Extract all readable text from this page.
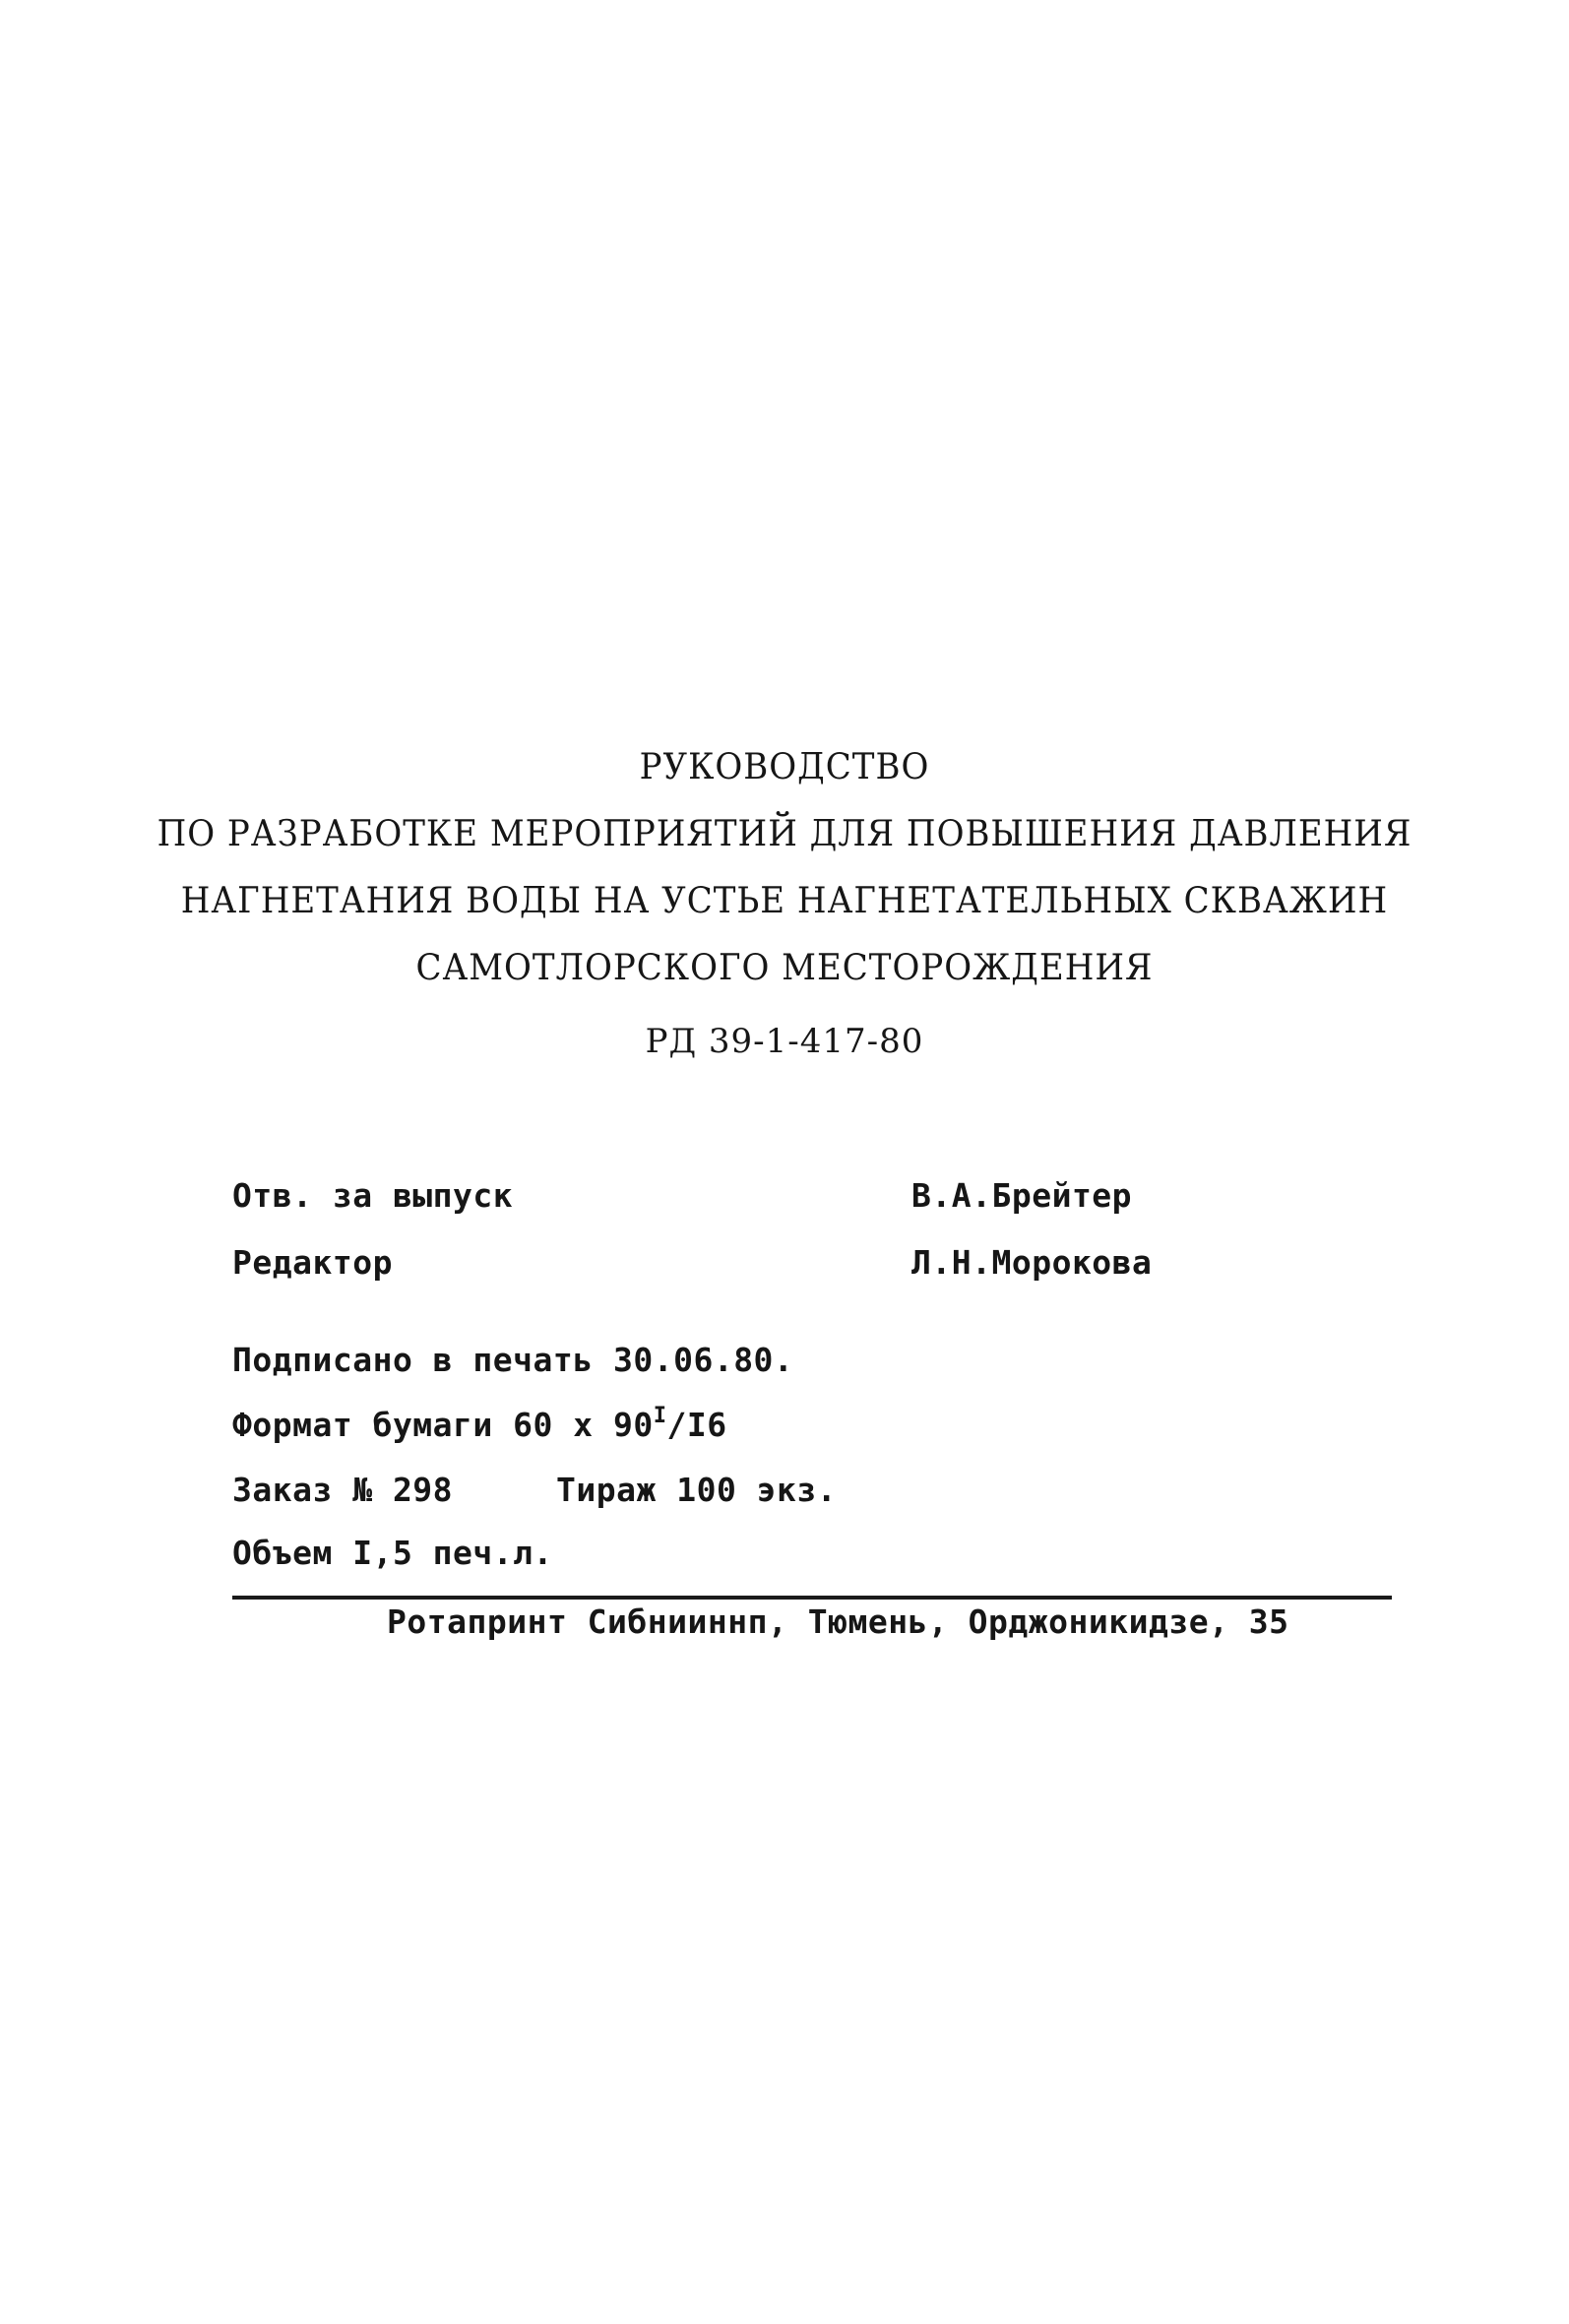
РУКОВОДСТВО
ПО РАЗРАБОТКЕ МЕРОПРИЯТИЙ ДЛЯ ПОВЫШЕНИЯ ДАВЛЕНИЯ
НАГНЕТАНИЯ ВОДЫ НА УСТЬЕ НАГНЕТАТЕЛЬНЫХ СКВАЖИН
САМОТЛОРСКОГО МЕСТОРОЖДЕНИЯ
РД 39-1-417-80
Отв. за выпуск	В.А.Брейтер
Редактор	Л.Н.Морокова
Подписано в печать 30.06.80.
Формат бумаги 60 х $90^I/I6$
Заказ № 298	Тираж 100 экз.
Объем I,5 печ.л.
Ротапринт Сибнииннп, Тюмень, Орджоникидзе, 35
